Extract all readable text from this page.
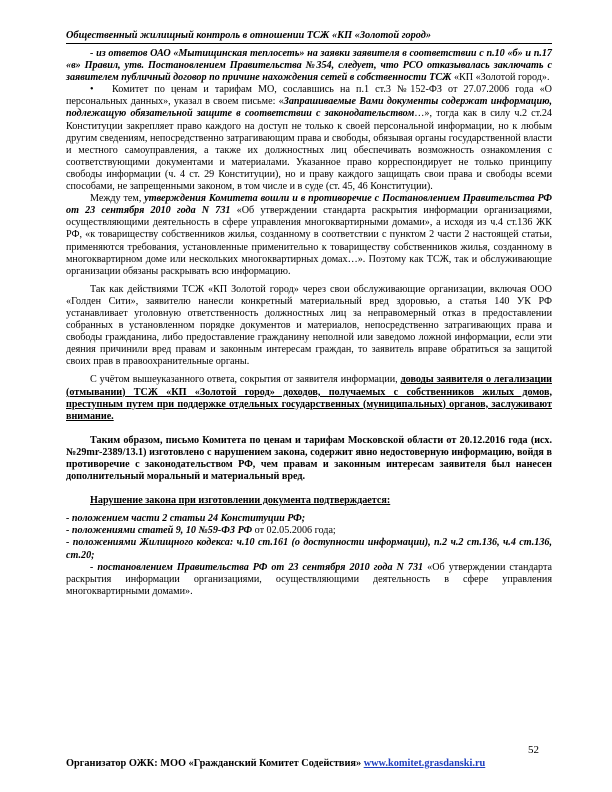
Общественный жилищный контроль в отношении ТСЖ «КП «Золотой город»

- из ответов ОАО «Мытищинская теплосеть» на заявки заявителя в соответствии с п.10 «б» и п.17 «в» Правил, утв. Постановлением Правительства №354, следует, что РСО отказывалась заключать с заявителем публичный договор по причине нахождения сетей в собственности ТСЖ «КП «Золотой город».

• Комитет по ценам и тарифам МО, сославшись на п.1 ст.3 №152-ФЗ от 27.07.2006 года «О персональных данных», указал в своем письме: «Запрашиваемые Вами документы содержат информацию, подлежащую обязательной защите в соответствии с законодательством…», тогда как в силу ч.2 ст.24 Конституции закрепляет право каждого на доступ не только к своей персональной информации, но к любым другим сведениям, непосредственно затрагивающим права и свободы, обязывая органы государственной власти и местного самоуправления, а также их должностных лиц обеспечивать возможность ознакомления с соответствующими документами и материалами. Указанное право корреспондирует не только принципу свободы информации (ч. 4 ст. 29 Конституции), но и праву каждого защищать свои права и свободы всеми способами, не запрещенными законом, в том числе и в суде (ст. 45, 46 Конституции).

Между тем, утверждения Комитета вошли и в противоречие с Постановлением Правительства РФ от 23 сентября 2010 года N 731 «Об утверждении стандарта раскрытия информации организациями, осуществляющими деятельность в сфере управления многоквартирными домами», а исходя из ч.4 ст.136 ЖК РФ, «к товариществу собственников жилья, созданному в соответствии с пунктом 2 части 2 настоящей статьи, применяются требования, установленные применительно к товариществу собственников жилья, созданному в многоквартирном доме или нескольких многоквартирных домах…». Поэтому как ТСЖ, так и обслуживающие организации обязаны раскрывать всю информацию.

Так как действиями ТСЖ «КП Золотой город» через свои обслуживающие организации, включая ООО «Голден Сити», заявителю нанесли конкретный материальный вред здоровью, а статья 140 УК РФ устанавливает уголовную ответственность должностных лиц за неправомерный отказ в предоставлении собранных в установленном порядке документов и материалов, непосредственно затрагивающих права и свободы гражданина, либо предоставление гражданину неполной или заведомо ложной информации, если эти деяния причинили вред правам и законным интересам граждан, то заявитель вправе обратиться за защитой своих прав в правоохранительные органы.

С учётом вышеуказанного ответа, сокрытия от заявителя информации, доводы заявителя о легализации (отмывании) ТСЖ «КП «Золотой город» доходов, получаемых с собственников жилых домов, преступным путем при поддержке отдельных государственных (муниципальных) органов, заслуживают внимание.

Таким образом, письмо Комитета по ценам и тарифам Московской области от 20.12.2016 года (исх. №29mr-2389/13.1) изготовлено с нарушением закона, содержит явно недостоверную информацию, войдя в противоречие с законодательством РФ, чем правам и законным интересам заявителя был нанесен дополнительный моральный и материальный вред.

Нарушение закона при изготовлении документа подтверждается:

- положением части 2 статьи 24 Конституции РФ;

- положениями статей 9, 10 №59-ФЗ РФ от 02.05.2006 года;

- положениями Жилищного кодекса: ч.10 ст.161 (о доступности информации), п.2 ч.2 ст.136, ч.4 ст.136, ст.20;

- постановлением Правительства РФ от 23 сентября 2010 года N 731 «Об утверждении стандарта раскрытия информации организациями, осуществляющими деятельность в сфере управления многоквартирными домами».

52
Организатор ОЖК: МОО «Гражданский Комитет Содействия» www.komitet.grasdanski.ru
